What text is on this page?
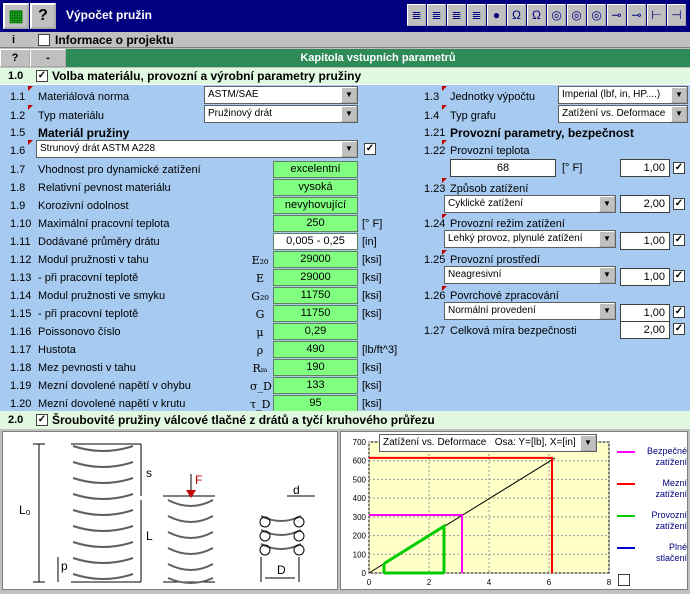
▦ ? Výpočet pružin	≣ ≣ ≣ ≣ ● Ω Ω ◎ ◎ ◎ ⊸ ⊸ ⊢ ⊣
i	Informace o projektu
?	-	Kapitola vstupních parametrů
1.0 ✓ Volba materiálu, provozní a výrobní parametry pružiny
1.1	Materiálová norma	ASTM/SAE	▼
1.2	Typ materiálu	Pružinový drát	▼
1.5	Materiál pružiny
1.6	Strunový drát ASTM A228	▼	✓
1.7	Vhodnost pro dynamické zatížení	excelentní
1.8	Relativní pevnost materiálu	vysoká
1.9	Korozivní odolnost	nevyhovující
1.10 Maximální pracovní teplota	250	[° F]
1.11 Dodávané průměry drátu	0,005 - 0,25	[in]
1.12 Modul pružnosti v tahu	E₂₀	29000	[ksi]
1.13 - při pracovní teplotě	E	29000	[ksi]
1.14 Modul pružnosti ve smyku	G₂₀	11750	[ksi]
1.15 - při pracovní teplotě	G	11750	[ksi]
1.16 Poissonovo číslo	μ	0,29
1.17 Hustota	ρ	490	[lb/ft^3]
1.18 Mez pevnosti v tahu	Rₘ	190	[ksi]
1.19 Mezní dovolené napětí v ohybu	σ_D	133	[ksi]
1.20 Mezní dovolené napětí v krutu	τ_D	95	[ksi]
1.3 Jednotky výpočtu	Imperial (lbf, in, HP....)	▼
1.4 Typ grafu	Zatížení vs. Deformace	▼
1.21 Provozní parametry, bezpečnost
1.22 Provozní teplota
68	[° F]	1,00 ✓
1.23 Způsob zatížení
Cyklické zatížení	▼	2,00 ✓
1.24 Provozní režim zatížení
Lehký provoz, plynulé zatížení	▼	1,00 ✓
1.25 Provozní prostředí
Neagresivní	▼	1,00 ✓
1.26 Povrchové zpracování
Normální provedení	▼	1,00 ✓
1.27 Celková míra bezpečnosti	2,00 ✓
2.0 ✓ Šroubovité pružiny válcové tlačné z drátů a tyčí kruhového průřezu
L₀
s
p
F
L
d
D	0
100
200
300
400
500
600
700
0	2	4	6	8
Zatížení vs. Deformace Osa: Y=[lb], X=[in]	▼
Bezpečné zatížení
Mezní zatížení
Provozní zatížení
Plné stlačení
